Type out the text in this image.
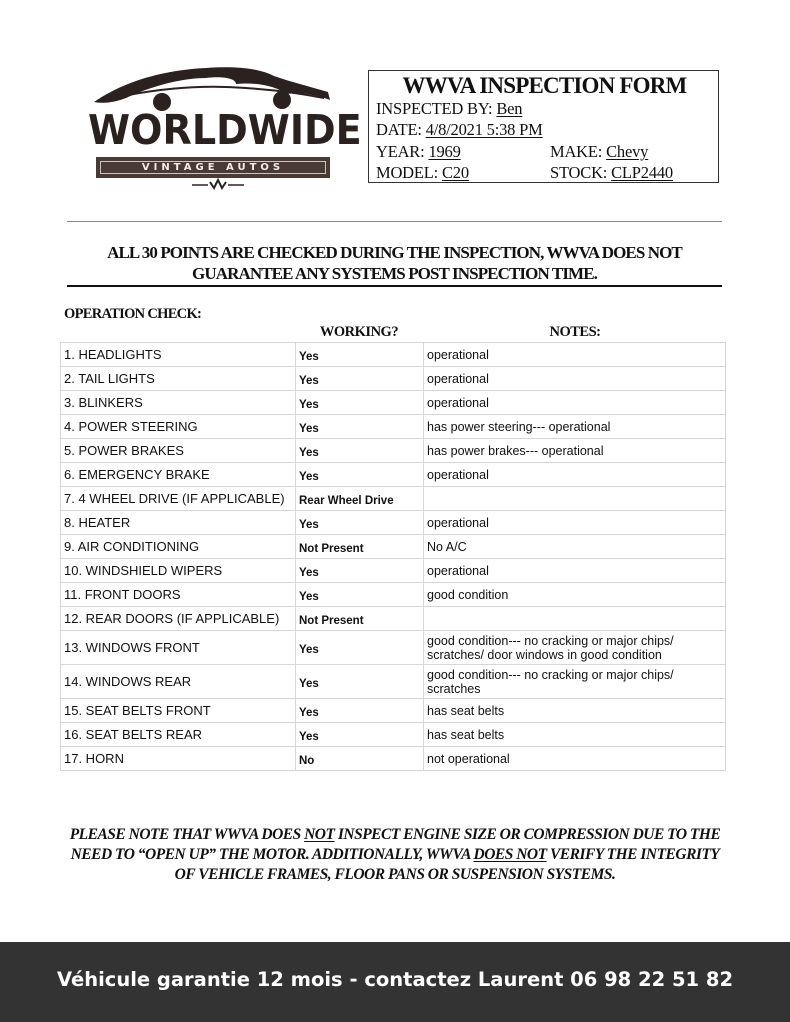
WORLDWIDE
VINTAGE AUTOS
WWVA INSPECTION FORM
INSPECTED BY: Ben
DATE: 4/8/2021 5:38 PM
YEAR: 1969	MAKE: Chevy
MODEL: C20	STOCK: CLP2440
ALL 30 POINTS ARE CHECKED DURING THE INSPECTION, WWVA DOES NOT GUARANTEE ANY SYSTEMS POST INSPECTION TIME.
OPERATION CHECK:
WORKING?	NOTES:
1. HEADLIGHTS	Yes	operational
2. TAIL LIGHTS	Yes	operational
3. BLINKERS	Yes	operational
4. POWER STEERING	Yes	has power steering--- operational
5. POWER BRAKES	Yes	has power brakes--- operational
6. EMERGENCY BRAKE	Yes	operational
7. 4 WHEEL DRIVE (IF APPLICABLE)	Rear Wheel Drive	
8. HEATER	Yes	operational
9. AIR CONDITIONING	Not Present	No A/C
10. WINDSHIELD WIPERS	Yes	operational
11. FRONT DOORS	Yes	good condition
12. REAR DOORS (IF APPLICABLE)	Not Present	
13. WINDOWS FRONT	Yes	good condition--- no cracking or major chips/ scratches/ door windows in good condition
14. WINDOWS REAR	Yes	good condition--- no cracking or major chips/ scratches
15. SEAT BELTS FRONT	Yes	has seat belts
16. SEAT BELTS REAR	Yes	has seat belts
17. HORN	No	not operational
PLEASE NOTE THAT WWVA DOES NOT INSPECT ENGINE SIZE OR COMPRESSION DUE TO THE NEED TO “OPEN UP” THE MOTOR. ADDITIONALLY, WWVA DOES NOT VERIFY THE INTEGRITY OF VEHICLE FRAMES, FLOOR PANS OR SUSPENSION SYSTEMS.
Véhicule garantie 12 mois - contactez Laurent 06 98 22 51 82
